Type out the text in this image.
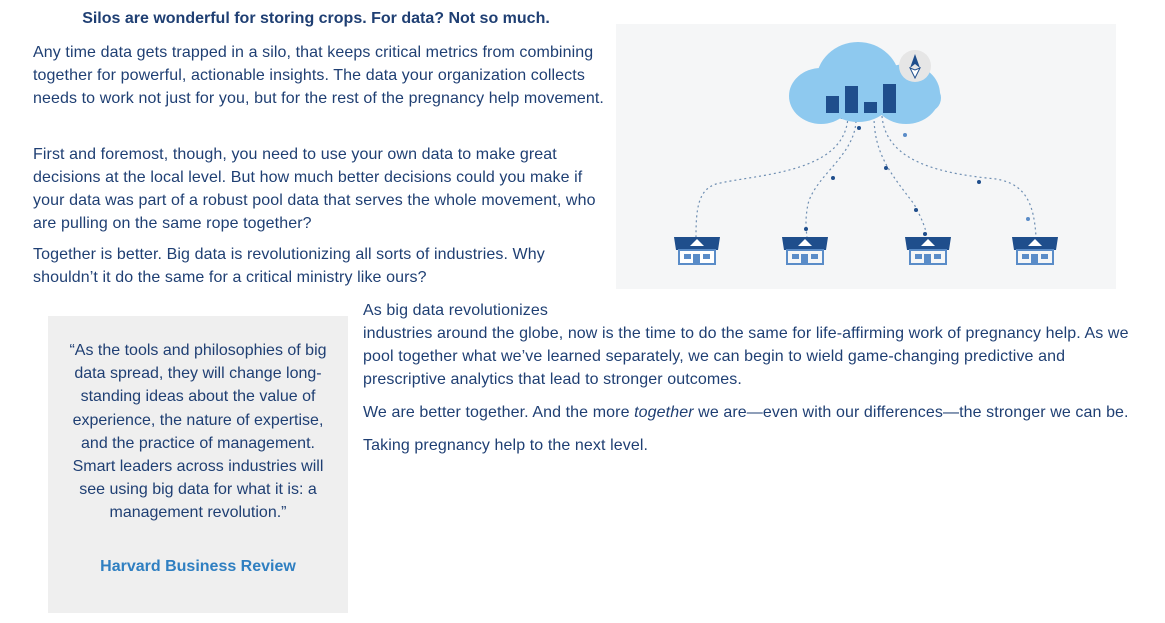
Silos are wonderful for storing crops. For data? Not so much.

Any time data gets trapped in a silo, that keeps critical metrics from combining together for powerful, actionable insights. The data your organization collects needs to work not just for you, but for the rest of the pregnancy help movement.

First and foremost, though, you need to use your own data to make great decisions at the local level. But how much better decisions could you make if your data was part of a robust pool data that serves the whole movement, who are pulling on the same rope together?

Together is better. Big data is revolutionizing all sorts of industries. Why shouldn’t it do the same for a critical ministry like ours?

“As the tools and philosophies of big data spread, they will change long-standing ideas about the value of experience, the nature of expertise, and the practice of management. Smart leaders across industries will see using big data for what it is: a management revolution.”

Harvard Business Review

As big data revolutionizes
industries around the globe, now is the time to do the same for life-affirming work of pregnancy help. As we pool together what we’ve learned separately, we can begin to wield game-changing predictive and prescriptive analytics that lead to stronger outcomes.

We are better together. And the more together we are—even with our differences—the stronger we can be.

Taking pregnancy help to the next level.
